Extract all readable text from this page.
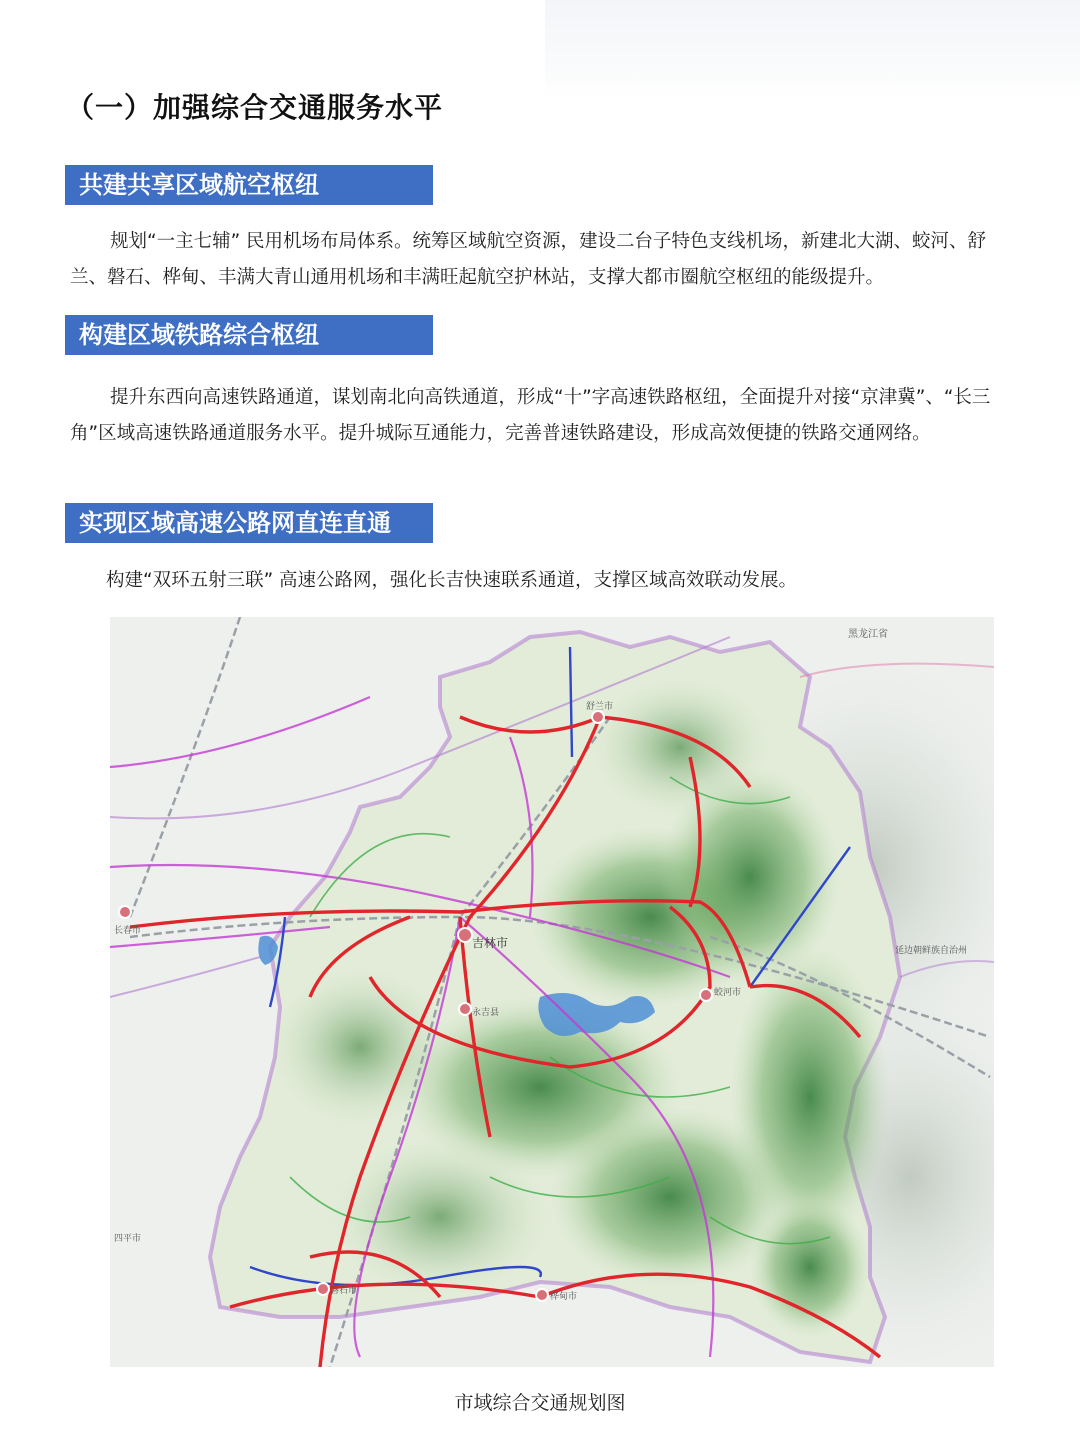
（一）加强综合交通服务水平
共建共享区域航空枢纽
规划“一主七辅” 民用机场布局体系。统筹区域航空资源，建设二台子特色支线机场，新建北大湖、蛟河、舒兰、磐石、桦甸、丰满大青山通用机场和丰满旺起航空护林站，支撑大都市圈航空枢纽的能级提升。
构建区域铁路综合枢纽
提升东西向高速铁路通道，谋划南北向高铁通道，形成“十”字高速铁路枢纽，全面提升对接“京津冀”、“长三角”区域高速铁路通道服务水平。提升城际互通能力，完善普速铁路建设，形成高效便捷的铁路交通网络。
实现区域高速公路网直连直通
构建“双环五射三联” 高速公路网，强化长吉快速联系通道，支撑区域高效联动发展。
黑龙江省
舒兰市
长春市
吉林市
延边朝鲜族自治州
蛟河市
永吉县
四平市
磐石市
桦甸市
市域综合交通规划图
